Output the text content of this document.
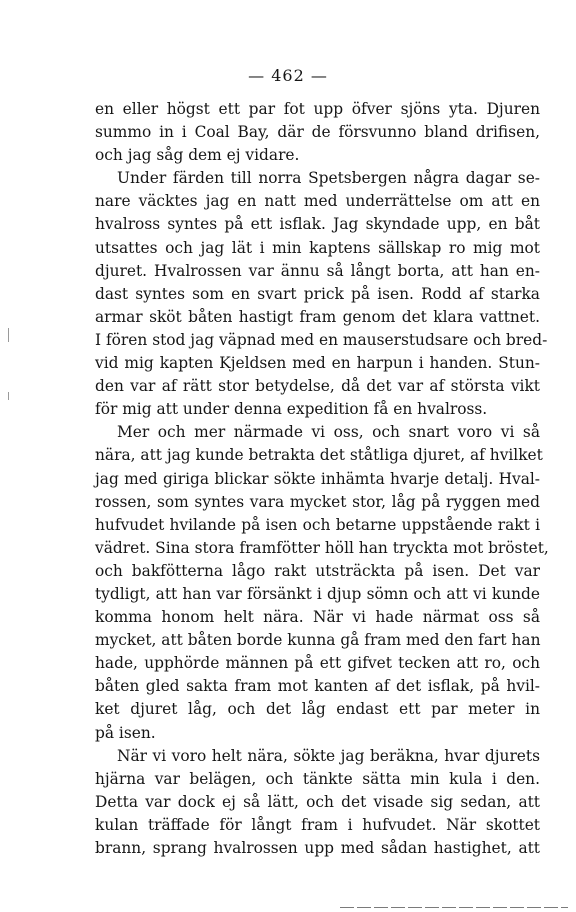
— 462 —
en eller högst ett par fot upp öfver sjöns yta. Djuren
summo in i Coal Bay, där de försvunno bland drifisen,
och jag såg dem ej vidare.
Under färden till norra Spetsbergen några dagar se-
nare väcktes jag en natt med underrättelse om att en
hvalross syntes på ett isflak. Jag skyndade upp, en båt
utsattes och jag lät i min kaptens sällskap ro mig mot
djuret. Hvalrossen var ännu så långt borta, att han en-
dast syntes som en svart prick på isen. Rodd af starka
armar sköt båten hastigt fram genom det klara vattnet.
I fören stod jag väpnad med en mauserstudsare och bred-
vid mig kapten Kjeldsen med en harpun i handen. Stun-
den var af rätt stor betydelse, då det var af största vikt
för mig att under denna expedition få en hvalross.
Mer och mer närmade vi oss, och snart voro vi så
nära, att jag kunde betrakta det ståtliga djuret, af hvilket
jag med giriga blickar sökte inhämta hvarje detalj. Hval-
rossen, som syntes vara mycket stor, låg på ryggen med
hufvudet hvilande på isen och betarne uppstående rakt i
vädret. Sina stora framfötter höll han tryckta mot bröstet,
och bakfötterna lågo rakt utsträckta på isen. Det var
tydligt, att han var försänkt i djup sömn och att vi kunde
komma honom helt nära. När vi hade närmat oss så
mycket, att båten borde kunna gå fram med den fart han
hade, upphörde männen på ett gifvet tecken att ro, och
båten gled sakta fram mot kanten af det isflak, på hvil-
ket djuret låg, och det låg endast ett par meter in
på isen.
När vi voro helt nära, sökte jag beräkna, hvar djurets
hjärna var belägen, och tänkte sätta min kula i den.
Detta var dock ej så lätt, och det visade sig sedan, att
kulan träffade för långt fram i hufvudet. När skottet
brann, sprang hvalrossen upp med sådan hastighet, att
